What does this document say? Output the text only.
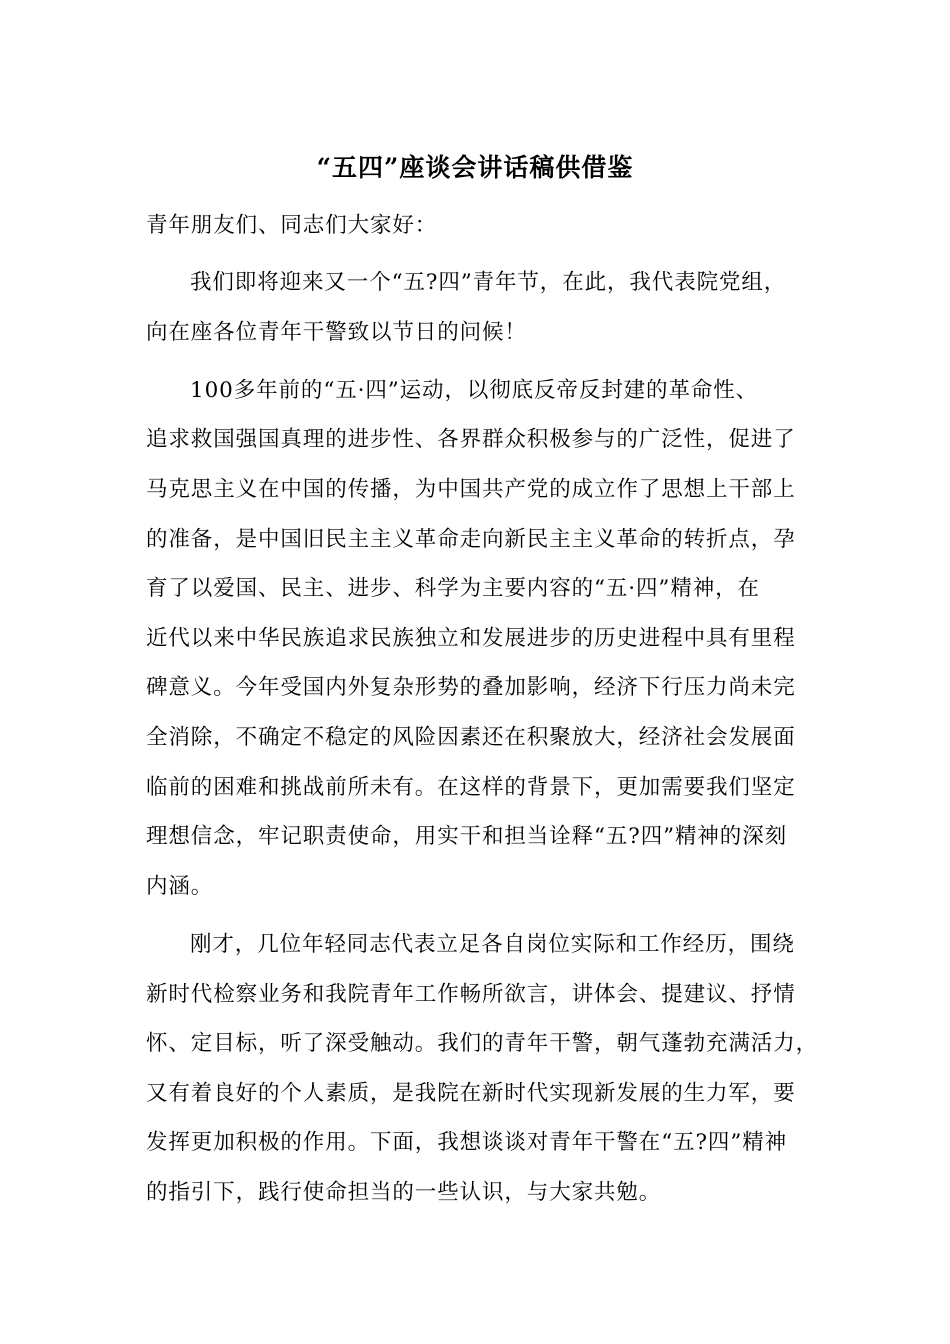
“五四”座谈会讲话稿供借鉴
青年朋友们、同志们大家好：
我们即将迎来又一个“五?四”青年节，在此，我代表院党组，
向在座各位青年干警致以节日的问候！
100多年前的“五·四”运动，以彻底反帝反封建的革命性、
追求救国强国真理的进步性、各界群众积极参与的广泛性，促进了
马克思主义在中国的传播，为中国共产党的成立作了思想上干部上
的准备，是中国旧民主主义革命走向新民主主义革命的转折点，孕
育了以爱国、民主、进步、科学为主要内容的“五·四”精神，在
近代以来中华民族追求民族独立和发展进步的历史进程中具有里程
碑意义。今年受国内外复杂形势的叠加影响，经济下行压力尚未完
全消除，不确定不稳定的风险因素还在积聚放大，经济社会发展面
临前的困难和挑战前所未有。在这样的背景下，更加需要我们坚定
理想信念，牢记职责使命，用实干和担当诠释“五?四”精神的深刻
内涵。
刚才，几位年轻同志代表立足各自岗位实际和工作经历，围绕
新时代检察业务和我院青年工作畅所欲言，讲体会、提建议、抒情
怀、定目标，听了深受触动。我们的青年干警，朝气蓬勃充满活力，
又有着良好的个人素质，是我院在新时代实现新发展的生力军，要
发挥更加积极的作用。下面，我想谈谈对青年干警在“五?四”精神
的指引下，践行使命担当的一些认识，与大家共勉。
